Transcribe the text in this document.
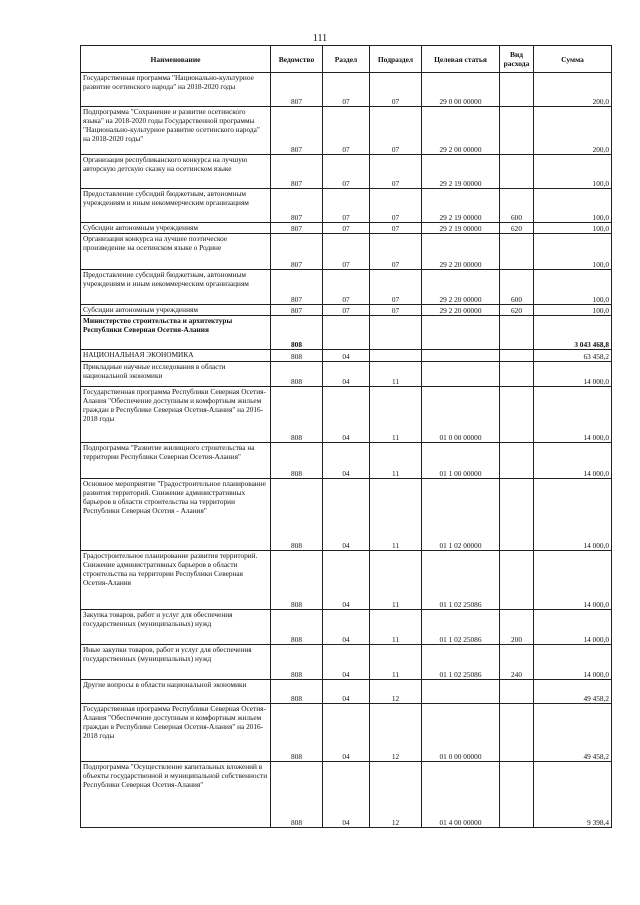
111
Наименование	Ведомство	Раздел	Подраздел	Целевая статья	Вид расхода	Сумма
Государственная программа "Национально-культурное развитие осетинского народа" на 2018-2020 годы	807	07	07	29 0 00 00000		200,0
Подпрограмма "Сохранение и развитие осетинского языка" на 2018-2020 годы Государственной программы "Национально-культурное развитие осетинского народа" на 2018-2020 годы"	807	07	07	29 2 00 00000		200,0
Организация республиканского конкурса на лучшую авторскую детскую сказку на осетинском языке	807	07	07	29 2 19 00000		100,0
Предоставление субсидий бюджетным, автономным учреждениям и иным некоммерческим организациям	807	07	07	29 2 19 00000	600	100,0
Субсидии автономным учреждениям	807	07	07	29 2 19 00000	620	100,0
Организация конкурса на лучшее поэтическое произведение на осетинском языке о Родине	807	07	07	29 2 20 00000		100,0
Предоставление субсидий бюджетным, автономным учреждениям и иным некоммерческим организациям	807	07	07	29 2 20 00000	600	100,0
Субсидии автономным учреждениям	807	07	07	29 2 20 00000	620	100,0
Министерство строительства и архитектуры Республики Северная Осетия-Алания	808					3 043 468,8
НАЦИОНАЛЬНАЯ ЭКОНОМИКА	808	04				63 458,2
Прикладные научные исследования в области национальной экономики	808	04	11			14 000,0
Государственная программа Республики Северная Осетия-Алания "Обеспечение доступным и комфортным жильем граждан в Республике Северная Осетия-Алания" на 2016-2018 годы	808	04	11	01 0 00 00000		14 000,0
Подпрограмма "Развитие жилищного строительства на территории Республики Северная Осетия-Алания"	808	04	11	01 1 00 00000		14 000,0
Основное мероприятие "Градостроительное планирование развития территорий. Снижение административных барьеров в области строительства на территории Республики Северная Осетия - Алания"	808	04	11	01 1 02 00000		14 000,0
Градостроительное планирование развития территорий. Снижение административных барьеров в области строительства на территории Республики Северная Осетия-Алания	808	04	11	01 1 02 25086		14 000,0
Закупка товаров, работ и услуг для обеспечения государственных (муниципальных) нужд	808	04	11	01 1 02 25086	200	14 000,0
Иные закупки товаров, работ и услуг для обеспечения государственных (муниципальных) нужд	808	04	11	01 1 02 25086	240	14 000,0
Другие вопросы в области национальной экономики	808	04	12			49 458,2
Государственная программа Республики Северная Осетия-Алания "Обеспечение доступным и комфортным жильем граждан в Республике Северная Осетия-Алания" на 2016-2018 годы	808	04	12	01 0 00 00000		49 458,2
Подпрограмма "Осуществление капитальных вложений в объекты государственной и муниципальной собственности Республики Северная Осетия-Алания"	808	04	12	01 4 00 00000		9 398,4
